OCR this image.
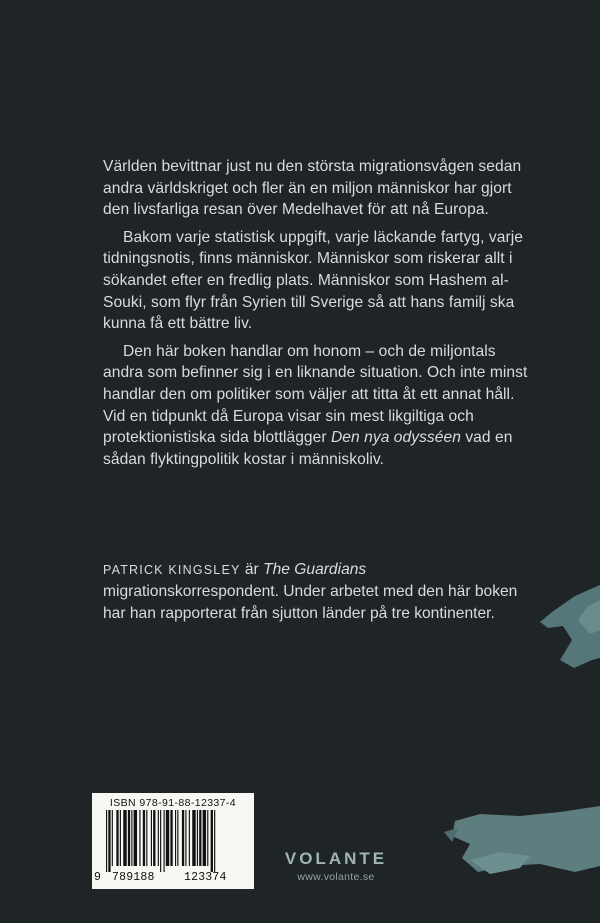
Världen bevittnar just nu den största migrationsvågen sedan andra världskriget och fler än en miljon människor har gjort den livsfarliga resan över Medelhavet för att nå Europa.

Bakom varje statistisk uppgift, varje läckande fartyg, varje tidningsnotis, finns människor. Människor som riskerar allt i sökandet efter en fredlig plats. Människor som Hashem al-Souki, som flyr från Syrien till Sverige så att hans familj ska kunna få ett bättre liv.

Den här boken handlar om honom – och de miljontals andra som befinner sig i en liknande situation. Och inte minst handlar den om politiker som väljer att titta åt ett annat håll. Vid en tidpunkt då Europa visar sin mest likgiltiga och protektionistiska sida blottlägger Den nya odysséen vad en sådan flyktingpolitik kostar i människoliv.

PATRICK KINGSLEY är The Guardians migrationskorrespondent. Under arbetet med den här boken har han rapporterat från sjutton länder på tre kontinenter.
ISBN 978-91-88-12337-4
9 789188	123374
VOLANTE
www.volante.se
